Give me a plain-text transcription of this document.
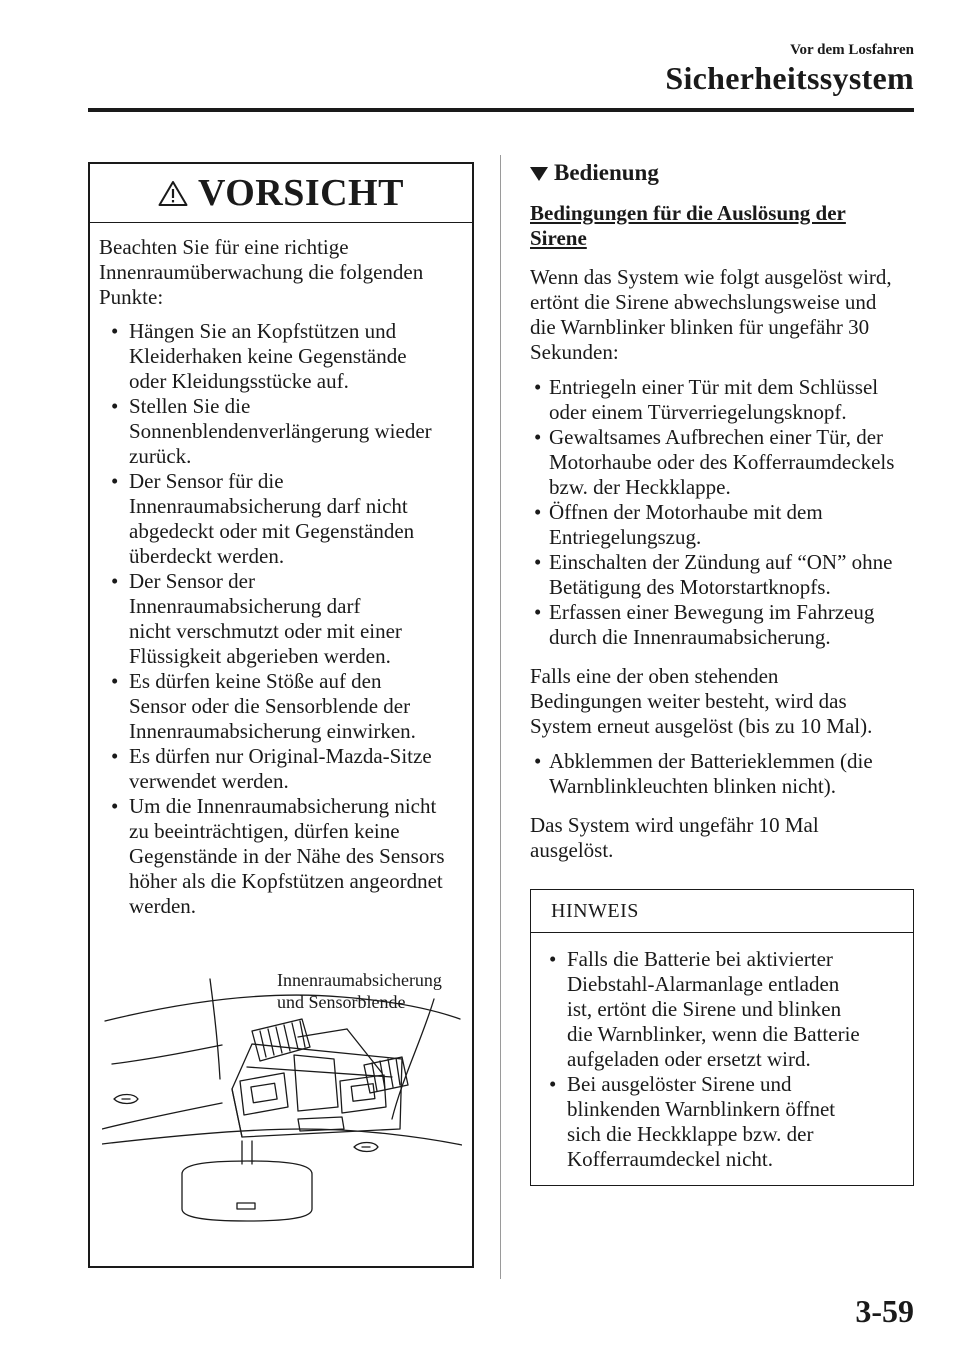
Vor dem Losfahren
Sicherheitssystem
VORSICHT

Beachten Sie für eine richtige Innenraumüberwachung die folgenden Punkte:

• Hängen Sie an Kopfstützen und
Kleiderhaken keine Gegenstände
oder Kleidungsstücke auf.
• Stellen Sie die
Sonnenblendenverlängerung wieder
zurück.
• Der Sensor für die
Innenraumabsicherung darf nicht
abgedeckt oder mit Gegenständen
überdeckt werden.
• Der Sensor der
Innenraumabsicherung darf
nicht verschmutzt oder mit einer
Flüssigkeit abgerieben werden.
• Es dürfen keine Stöße auf den
Sensor oder die Sensorblende der
Innenraumabsicherung einwirken.
• Es dürfen nur Original-Mazda-Sitze
verwendet werden.
• Um die Innenraumabsicherung nicht
zu beeinträchtigen, dürfen keine
Gegenstände in der Nähe des Sensors
höher als die Kopfstützen angeordnet
werden.
Innenraumabsicherung
und Sensorblende
Bedienung
Bedingungen für die Auslösung der
Sirene
Wenn das System wie folgt ausgelöst wird,
ertönt die Sirene abwechslungsweise und
die Warnblinker blinken für ungefähr 30
Sekunden:
• Entriegeln einer Tür mit dem Schlüssel
oder einem Türverriegelungsknopf.
• Gewaltsames Aufbrechen einer Tür, der
Motorhaube oder des Kofferraumdeckels
bzw. der Heckklappe.
• Öffnen der Motorhaube mit dem
Entriegelungszug.
• Einschalten der Zündung auf “ON” ohne
Betätigung des Motorstartknopfs.
• Erfassen einer Bewegung im Fahrzeug
durch die Innenraumabsicherung.
Falls eine der oben stehenden
Bedingungen weiter besteht, wird das
System erneut ausgelöst (bis zu 10 Mal).
• Abklemmen der Batterieklemmen (die
Warnblinkleuchten blinken nicht).
Das System wird ungefähr 10 Mal
ausgelöst.
HINWEIS
• Falls die Batterie bei aktivierter
Diebstahl-Alarmanlage entladen
ist, ertönt die Sirene und blinken
die Warnblinker, wenn die Batterie
aufgeladen oder ersetzt wird.
• Bei ausgelöster Sirene und
blinkenden Warnblinkern öffnet
sich die Heckklappe bzw. der
Kofferraumdeckel nicht.
3-59
